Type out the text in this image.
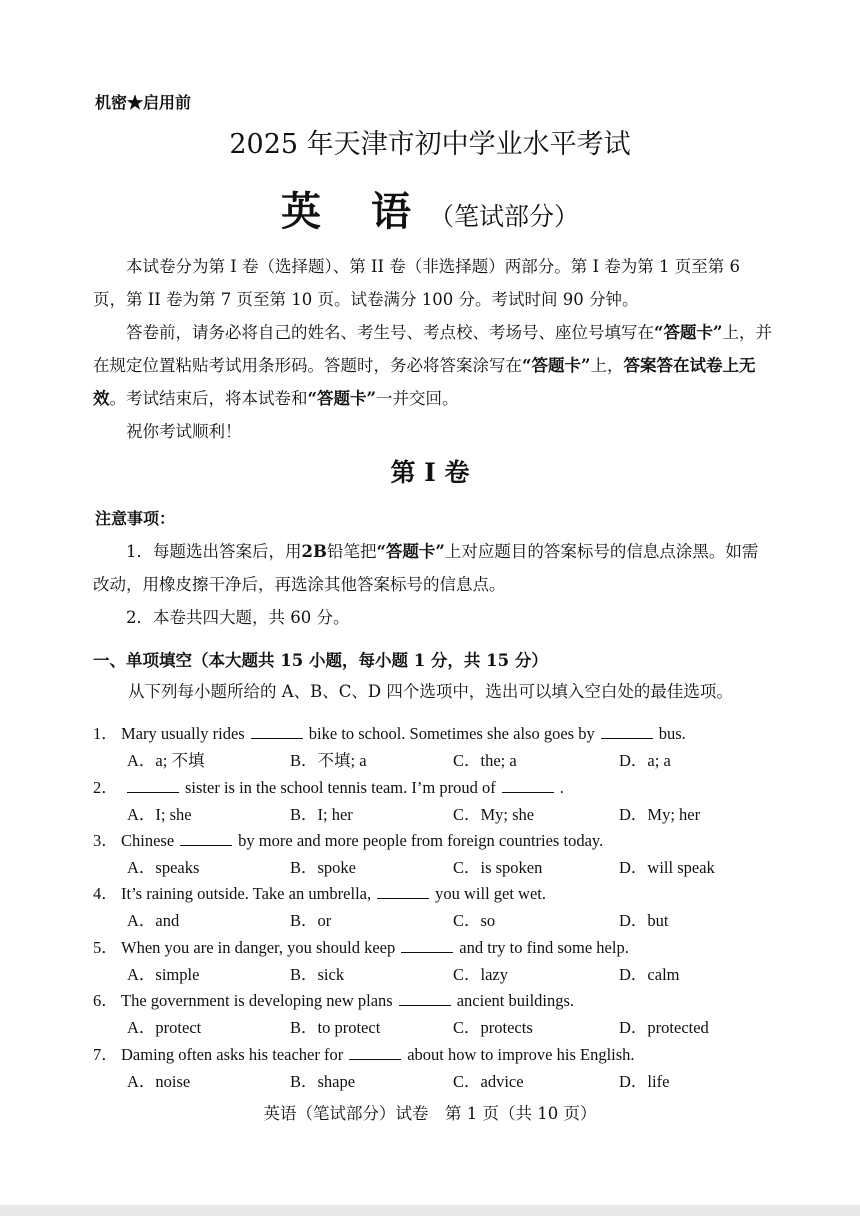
机密★启用前
2025 年天津市初中学业水平考试
英 语（笔试部分）
本试卷分为第 I 卷（选择题）、第 II 卷（非选择题）两部分。第 I 卷为第 1 页至第 6 页，第 II 卷为第 7 页至第 10 页。试卷满分 100 分。考试时间 90 分钟。
答卷前，请务必将自己的姓名、考生号、考点校、考场号、座位号填写在“答题卡”上，并在规定位置粘贴考试用条形码。答题时，务必将答案涂写在“答题卡”上，答案答在试卷上无效。考试结束后，将本试卷和“答题卡”一并交回。
祝你考试顺利！
第 I 卷
注意事项：
1．每题选出答案后，用2B铅笔把“答题卡”上对应题目的答案标号的信息点涂黑。如需改动，用橡皮擦干净后，再选涂其他答案标号的信息点。
2．本卷共四大题，共 60 分。
一、单项填空（本大题共 15 小题，每小题 1 分，共 15 分）
从下列每小题所给的 A、B、C、D 四个选项中，选出可以填入空白处的最佳选项。
1． Mary usually rides	bike to school. Sometimes she also goes by	bus.
A．a; 不填	B．不填; a	C．the; a	D．a; a
2．	sister is in the school tennis team. I’m proud of	.
A．I; she	B．I; her	C．My; she	D．My; her
3． Chinese	by more and more people from foreign countries today.
A．speaks	B．spoke	C．is spoken	D．will speak
4． It’s raining outside. Take an umbrella,	you will get wet.
A．and	B．or	C．so	D．but
5． When you are in danger, you should keep	and try to find some help.
A．simple	B．sick	C．lazy	D．calm
6． The government is developing new plans	ancient buildings.
A．protect	B．to protect	C．protects	D．protected
7． Daming often asks his teacher for	about how to improve his English.
A．noise	B．shape	C．advice	D．life
英语（笔试部分）试卷　第 1 页（共 10 页）
